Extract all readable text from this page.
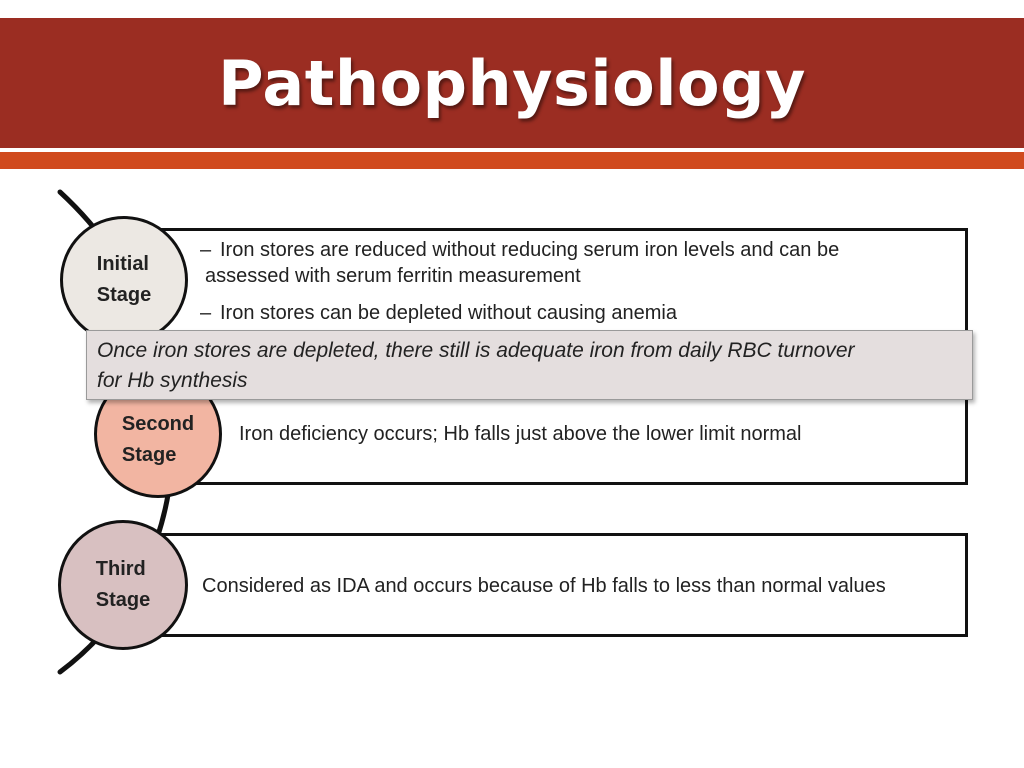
Pathophysiology
– Iron stores are reduced without reducing serum iron levels and can be
assessed with serum ferritin measurement
– Iron stores can be depleted without causing anemia
Iron deficiency occurs; Hb falls just above the lower limit normal
Considered as IDA and occurs because of Hb falls to less than normal values
Initial
Stage
Second
Stage
Third
Stage
Once iron stores are depleted, there still is adequate iron from daily RBC turnover
for Hb synthesis
